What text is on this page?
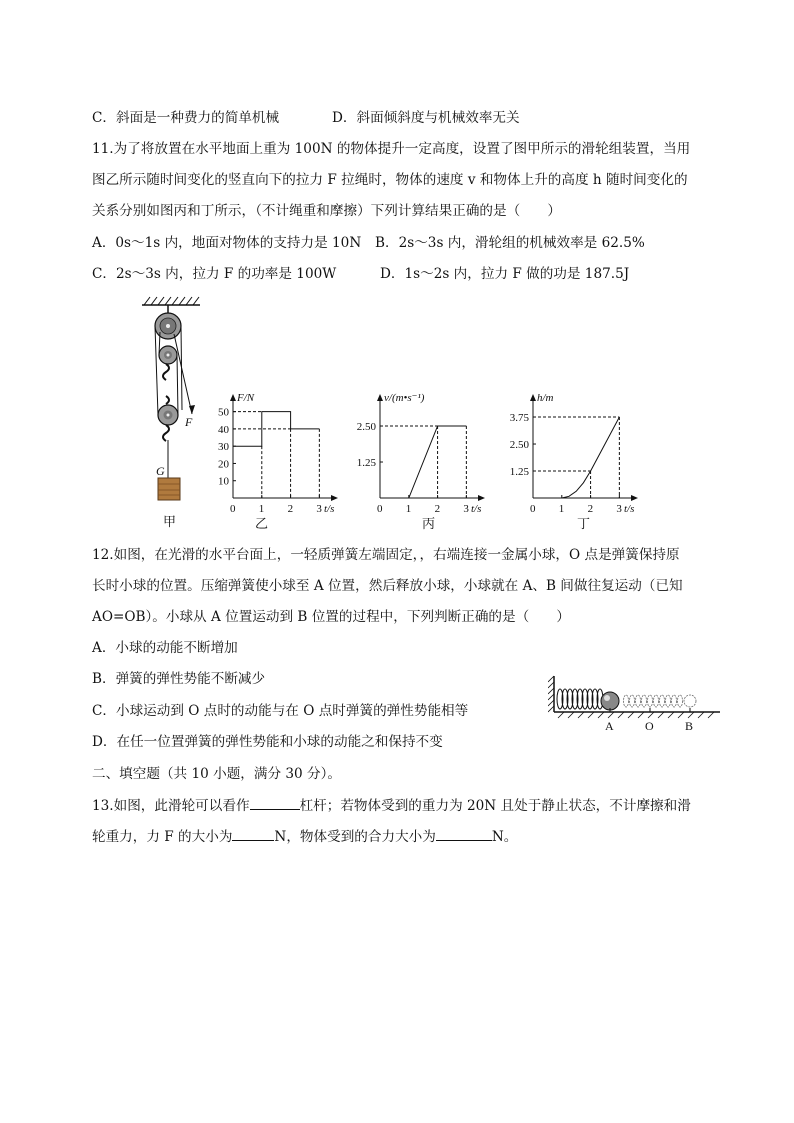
C．斜面是一种费力的简单机械	D．斜面倾斜度与机械效率无关
11.为了将放置在水平地面上重为 100N 的物体提升一定高度，设置了图甲所示的滑轮组装置，当用
图乙所示随时间变化的竖直向下的拉力 F 拉绳时，物体的速度 v 和物体上升的高度 h 随时间变化的
关系分别如图丙和丁所示，（不计绳重和摩擦）下列计算结果正确的是（　　）
A．0s～1s 内，地面对物体的支持力是 10N B．2s～3s 内，滑轮组的机械效率是 62.5%
C．2s～3s 内，拉力 F 的功率是 100W	D．1s～2s 内，拉力 F 做的功是 187.5J
F
G
甲
F/N
t/s
0 1 2 3
10
20
30
40
50
乙
v/(m•s⁻¹)
t/s
0 1 2 3
1.25
2.50
丙
h/m
t/s
0 1 2 3
1.25
2.50
3.75
丁
12.如图，在光滑的水平台面上，一轻质弹簧左端固定，，右端连接一金属小球，O 点是弹簧保持原
长时小球的位置。压缩弹簧使小球至 A 位置，然后释放小球，小球就在 A、B 间做往复运动（已知
AO=OB）。小球从 A 位置运动到 B 位置的过程中，下列判断正确的是（　　）
A．小球的动能不断增加
B．弹簧的弹性势能不断减少
C．小球运动到 O 点时的动能与在 O 点时弹簧的弹性势能相等
D．在任一位置弹簧的弹性势能和小球的动能之和保持不变
A	O	B
二、填空题（共 10 小题，满分 30 分）。
13.如图，此滑轮可以看作	杠杆；若物体受到的重力为 20N 且处于静止状态，不计摩擦和滑
轮重力，力 F 的大小为	N，物体受到的合力大小为	N。
